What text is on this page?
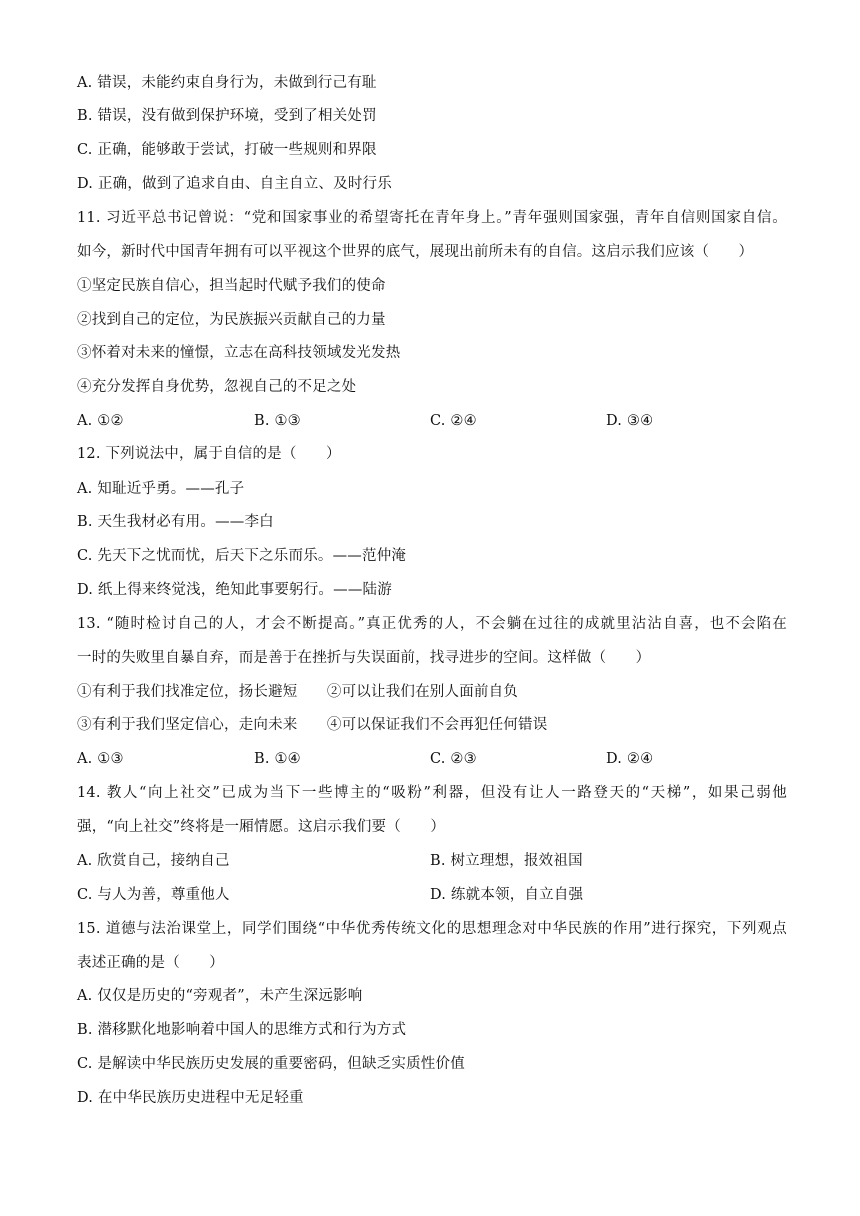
A. 错误，未能约束自身行为，未做到行己有耻
B. 错误，没有做到保护环境，受到了相关处罚
C. 正确，能够敢于尝试，打破一些规则和界限
D. 正确，做到了追求自由、自主自立、及时行乐
11. 习近平总书记曾说：“党和国家事业的希望寄托在青年身上。”青年强则国家强，青年自信则国家自信。
如今，新时代中国青年拥有可以平视这个世界的底气，展现出前所未有的自信。这启示我们应该（　　）
①坚定民族自信心，担当起时代赋予我们的使命
②找到自己的定位，为民族振兴贡献自己的力量
③怀着对未来的憧憬，立志在高科技领域发光发热
④充分发挥自身优势，忽视自己的不足之处
A. ①②	B. ①③	C. ②④	D. ③④
12. 下列说法中，属于自信的是（　　）
A. 知耻近乎勇。——孔子
B. 天生我材必有用。——李白
C. 先天下之忧而忧，后天下之乐而乐。——范仲淹
D. 纸上得来终觉浅，绝知此事要躬行。——陆游
13. “随时检讨自己的人，才会不断提高。”真正优秀的人，不会躺在过往的成就里沾沾自喜，也不会陷在
一时的失败里自暴自弃，而是善于在挫折与失误面前，找寻进步的空间。这样做（　　）
①有利于我们找准定位，扬长避短　　②可以让我们在别人面前自负
③有利于我们坚定信心，走向未来　　④可以保证我们不会再犯任何错误
A. ①③	B. ①④	C. ②③	D. ②④
14. 教人“向上社交”已成为当下一些博主的“吸粉”利器，但没有让人一路登天的“天梯”，如果己弱他
强，“向上社交”终将是一厢情愿。这启示我们要（　　）
A. 欣赏自己，接纳自己	B. 树立理想，报效祖国
C. 与人为善，尊重他人	D. 练就本领，自立自强
15. 道德与法治课堂上，同学们围绕“中华优秀传统文化的思想理念对中华民族的作用”进行探究，下列观点
表述正确的是（　　）
A. 仅仅是历史的“旁观者”，未产生深远影响
B. 潜移默化地影响着中国人的思维方式和行为方式
C. 是解读中华民族历史发展的重要密码，但缺乏实质性价值
D. 在中华民族历史进程中无足轻重
